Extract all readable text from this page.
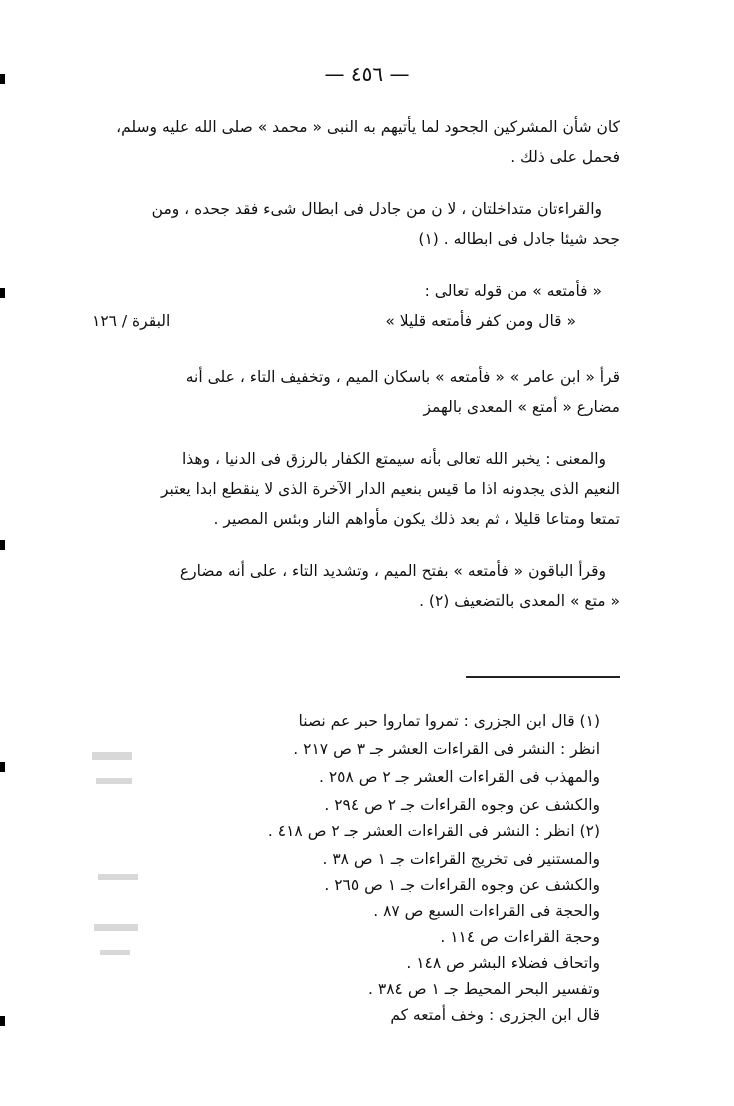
— ٤٥٦ —
كان شأن المشركين الجحود لما يأتيهم به النبى « محمد » صلى الله عليه وسلم،
فحمل على ذلك .
والقراءتان متداخلتان ، لا ن من جادل فى ابطال شىء فقد جحده ، ومن
جحد شيئا جادل فى ابطاله . (١)
« فأمتعه » من قوله تعالى :
« قال ومن كفر فأمتعه قليلا »
البقرة / ١٢٦
قرأ « ابن عامر » « فأمتعه » باسكان الميم ، وتخفيف التاء ، على أنه
مضارع « أمتع » المعدى بالهمز
والمعنى : يخبر الله تعالى بأنه سيمتع الكفار بالرزق فى الدنيا ، وهذا
النعيم الذى يجدونه اذا ما قيس بنعيم الدار الآخرة الذى لا ينقطع ابدا يعتبر
تمتعا ومتاعا قليلا ، ثم بعد ذلك يكون مأواهم النار وبئس المصير .
وقرأ الباقون « فأمتعه » بفتح الميم ، وتشديد التاء ، على أنه مضارع
« متع » المعدى بالتضعيف (٢) .
(١) قال ابن الجزرى : تمروا تماروا حبر عم نصنا
انظر : النشر فى القراءات العشر جـ ٣ ص ٢١٧ .
والمهذب فى القراءات العشر جـ ٢ ص ٢٥٨ .
والكشف عن وجوه القراءات جـ ٢ ص ٢٩٤ .
(٢) انظر : النشر فى القراءات العشر جـ ٢ ص ٤١٨ .
والمستنير فى تخريج القراءات جـ ١ ص ٣٨ .
والكشف عن وجوه القراءات جـ ١ ص ٢٦٥ .
والحجة فى القراءات السبع ص ٨٧ .
وحجة القراءات ص ١١٤ .
واتحاف فضلاء البشر ص ١٤٨ .
وتفسير البحر المحيط جـ ١ ص ٣٨٤ .
قال ابن الجزرى : وخف أمتعه كم
